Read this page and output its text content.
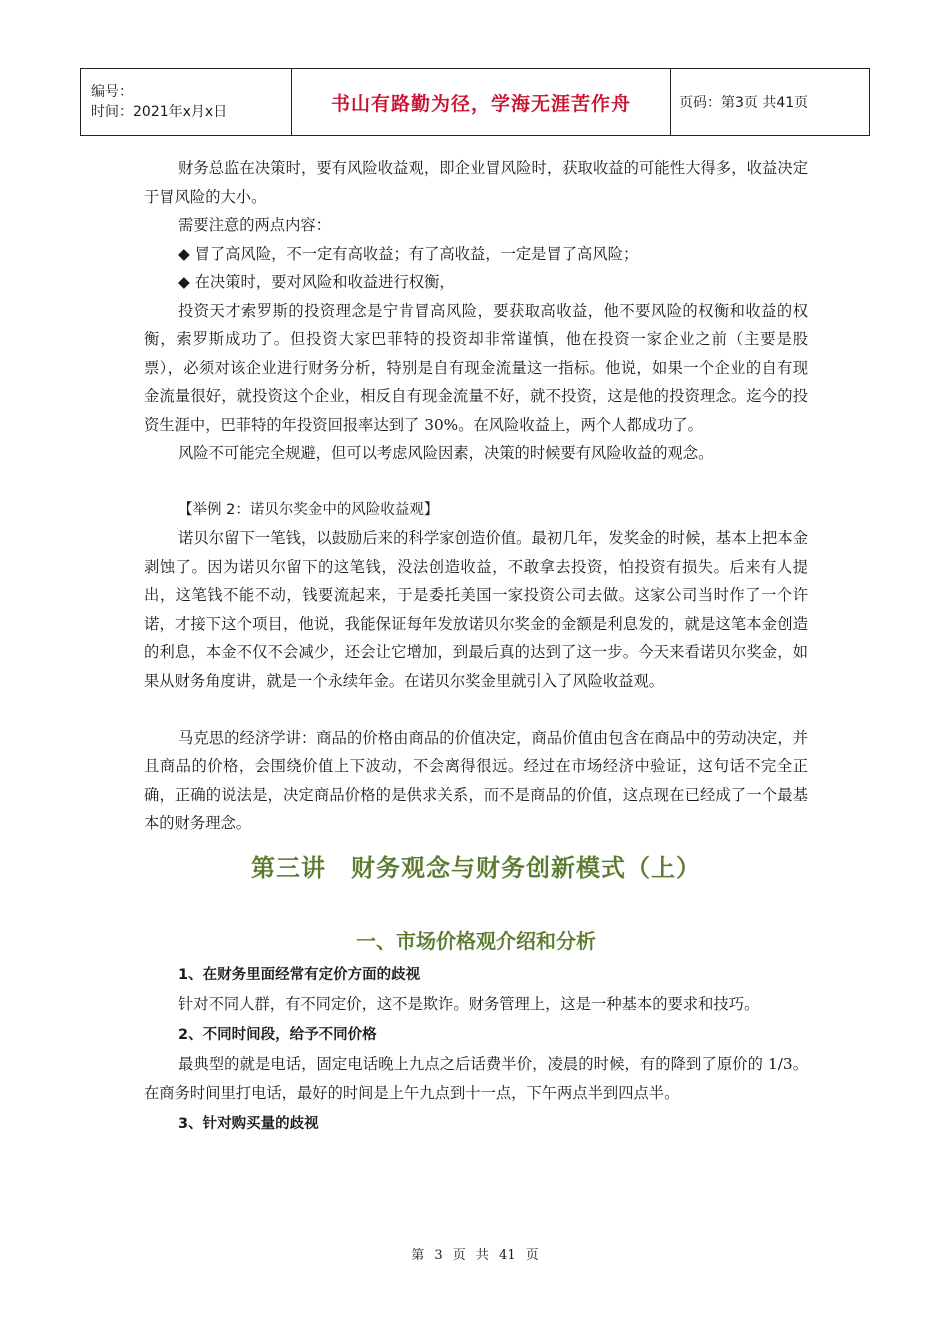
编号：
时间：2021年x月x日	书山有路勤为径，学海无涯苦作舟	页码：第3页 共41页

财务总监在决策时，要有风险收益观，即企业冒风险时，获取收益的可能性大得多，收益决定于冒风险的大小。

需要注意的两点内容：

◆ 冒了高风险，不一定有高收益；有了高收益，一定是冒了高风险；

◆ 在决策时，要对风险和收益进行权衡，

投资天才索罗斯的投资理念是宁肯冒高风险，要获取高收益，他不要风险的权衡和收益的权衡，索罗斯成功了。但投资大家巴菲特的投资却非常谨慎，他在投资一家企业之前（主要是股票），必须对该企业进行财务分析，特别是自有现金流量这一指标。他说，如果一个企业的自有现金流量很好，就投资这个企业，相反自有现金流量不好，就不投资，这是他的投资理念。迄今的投资生涯中，巴菲特的年投资回报率达到了 30%。在风险收益上，两个人都成功了。

风险不可能完全规避，但可以考虑风险因素，决策的时候要有风险收益的观念。

【举例 2：诺贝尔奖金中的风险收益观】

诺贝尔留下一笔钱，以鼓励后来的科学家创造价值。最初几年，发奖金的时候，基本上把本金剥蚀了。因为诺贝尔留下的这笔钱，没法创造收益，不敢拿去投资，怕投资有损失。后来有人提出，这笔钱不能不动，钱要流起来，于是委托美国一家投资公司去做。这家公司当时作了一个许诺，才接下这个项目，他说，我能保证每年发放诺贝尔奖金的金额是利息发的，就是这笔本金创造的利息，本金不仅不会减少，还会让它增加，到最后真的达到了这一步。今天来看诺贝尔奖金，如果从财务角度讲，就是一个永续年金。在诺贝尔奖金里就引入了风险收益观。

马克思的经济学讲：商品的价格由商品的价值决定，商品价值由包含在商品中的劳动决定，并且商品的价格，会围绕价值上下波动，不会离得很远。经过在市场经济中验证，这句话不完全正确，正确的说法是，决定商品价格的是供求关系，而不是商品的价值，这点现在已经成了一个最基本的财务理念。

第三讲　财务观念与财务创新模式（上）
一、市场价格观介绍和分析
1、在财务里面经常有定价方面的歧视

针对不同人群，有不同定价，这不是欺诈。财务管理上，这是一种基本的要求和技巧。

2、不同时间段，给予不同价格

最典型的就是电话，固定电话晚上九点之后话费半价，凌晨的时候，有的降到了原价的 1/3。在商务时间里打电话，最好的时间是上午九点到十一点，下午两点半到四点半。

3、针对购买量的歧视
第 3 页 共 41 页
